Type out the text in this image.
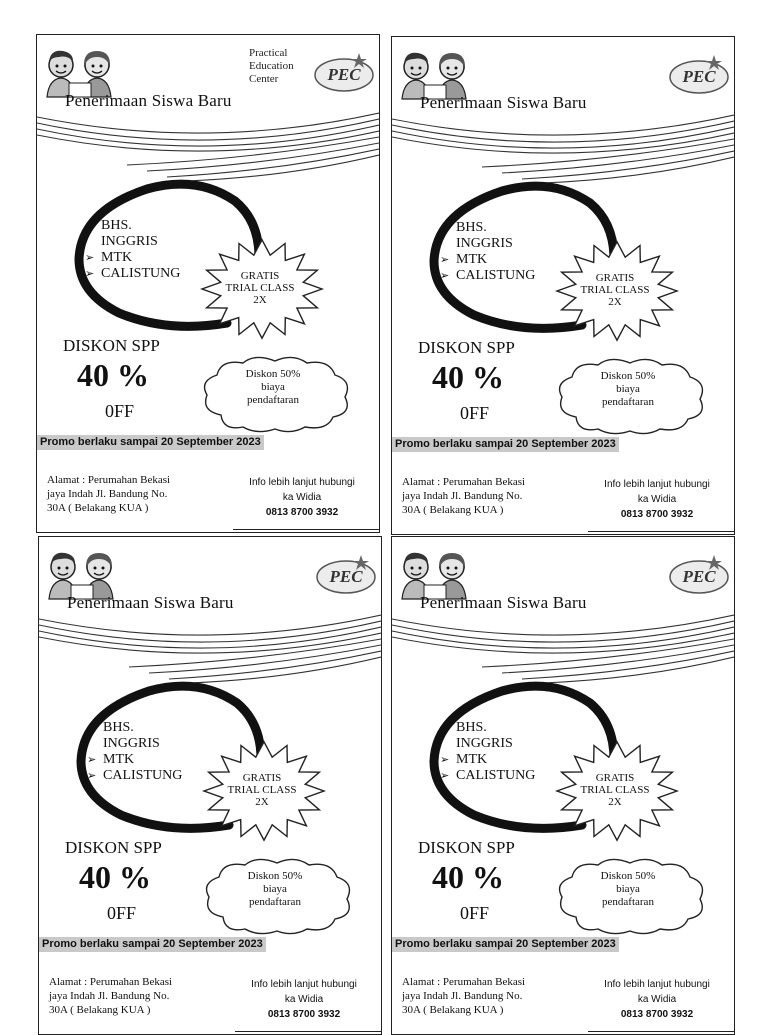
Practical Education Center	PEC
Penerimaan Siswa Baru
➢ BHS.
INGGRIS
➢ MTK
➢ CALISTUNG	GRATIS
TRIAL CLASS
2X
DISKON SPP
40 %
0FF
Diskon 50%
biaya
pendaftaran
Promo berlaku sampai 20 September 2023
Alamat : Perumahan Bekasi
jaya Indah Jl. Bandung No.
30A ( Belakang KUA )
Info lebih lanjut hubungi
ka Widia
0813 8700 3932
PEC
Penerimaan Siswa Baru
➢ BHS.
INGGRIS
➢ MTK
➢ CALISTUNG	GRATIS
TRIAL CLASS
2X
DISKON SPP
40 %
0FF
Diskon 50%
biaya
pendaftaran
Promo berlaku sampai 20 September 2023
Alamat : Perumahan Bekasi
jaya Indah Jl. Bandung No.
30A ( Belakang KUA )
Info lebih lanjut hubungi
ka Widia
0813 8700 3932
PEC
Penerimaan Siswa Baru
➢ BHS.
INGGRIS
➢ MTK
➢ CALISTUNG	GRATIS
TRIAL CLASS
2X
DISKON SPP
40 %
0FF
Diskon 50%
biaya
pendaftaran
Promo berlaku sampai 20 September 2023
Alamat : Perumahan Bekasi
jaya Indah Jl. Bandung No.
30A ( Belakang KUA )
Info lebih lanjut hubungi
ka Widia
0813 8700 3932
PEC
Penerimaan Siswa Baru
➢ BHS.
INGGRIS
➢ MTK
➢ CALISTUNG	GRATIS
TRIAL CLASS
2X
DISKON SPP
40 %
0FF
Diskon 50%
biaya
pendaftaran
Promo berlaku sampai 20 September 2023
Alamat : Perumahan Bekasi
jaya Indah Jl. Bandung No.
30A ( Belakang KUA )
Info lebih lanjut hubungi
ka Widia
0813 8700 3932
